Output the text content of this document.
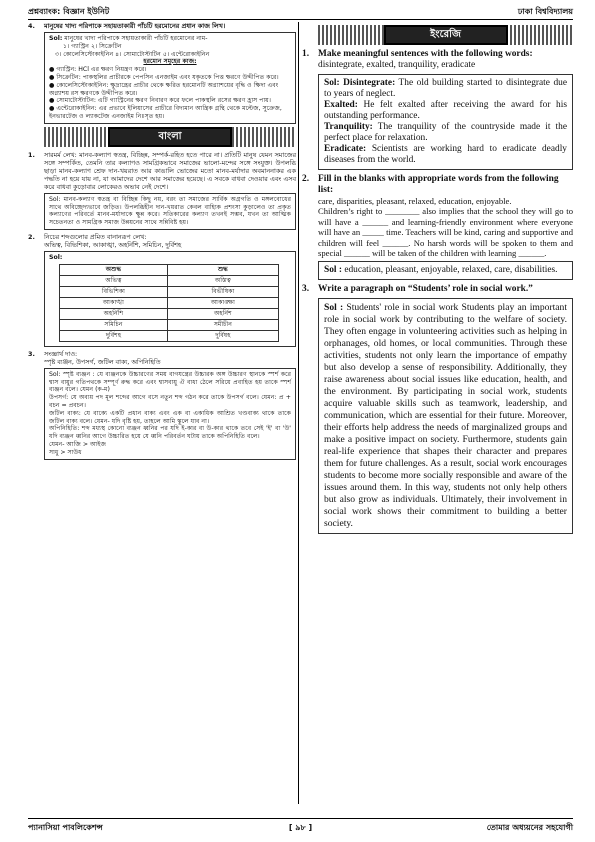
প্রশ্নব্যাংক: বিজ্ঞান ইউনিট	ঢাকা বিশ্ববিদ্যালয়
4. মানুষের খাদ্য পরিপাকে সহায়তাকারী পাঁচটি হরমোনের প্রধান কাজ লিখ।
Sol: মানুষের খাদ্য পরিপাকে সহায়তাকারী পাঁচটি হরমোনের নাম-
১। গ্যাস্ট্রিন ২। সিক্রেটিন
৩। কোলেসিস্টোকাইনিন ৪। সোমাটোস্টাটিন ৫। এন্টেরোকাইনিন
হরমোন সমূহের কাজ:
● গ্যাস্ট্রিন: HCl এর ক্ষরণ নিয়ন্ত্রণ করে।
● সিক্রেটিন: পাকস্থলির প্রাচীরকে পেপসিন এনজাইম এবং যকৃতকে পিত্ত ক্ষরণে উদ্দীপিত করে।
● কোলেসিস্টোকাইনিন: ক্ষুদ্রান্ত্রের প্রাচীর থেকে ক্ষরিত হরমোনটি অগ্ন্যাশয়ের বৃদ্ধি ও ক্ষিদা এবং অগ্ন্যাশয় রস ক্ষরণকে উদ্দীপিত করে।
● সোমাটোস্টাটিন: এটি গ্যাস্ট্রিনের ক্ষরণ নিবারণ করে ফলে পাকস্থলি রসের ক্ষরণ হ্রাস পায়।
● এন্টেরোকাইনিন: এর প্রভাবে ইলিয়াসের প্রাচীরে বিদ্যমান আন্ত্রিক গ্রন্থি থেকে মল্টেজ, সুক্রেজ, ইনভারটেজ ও ল্যাকটেজ এনজাইম নিঃসৃত হয়।
বাংলা
1.	সারমর্ম লেখ: মানব-কল্যাণ স্বতন্ত্র, বিচ্ছিন্ন, সম্পর্ক-রহিত হতে পারে না। প্রতিটি মানুষ যেমন সমাজের সঙ্গে সম্পর্কিত, তেমনি তার কল্যাণও সামগ্রিকভাবে সমাজের ভালো-মন্দের সঙ্গে সংযুক্ত। উপলব্ধি ছাড়া মানব-কল্যাণ শ্রেফ দান-খয়রাত আর কাঙালি ভোজের মতো মানব-মর্যাদার অবমাননাকর এক পদ্ধতি না হয়ে যায় না, যা আমাদের দেশে আর সমাজের হয়েছে। এ সবকে বাধবা দেওয়ার এবং এসব করে বাধবা কুড়োবার লোকেরও অভাব নেই দেশে।
Sol: মানব-কল্যাণ স্বতন্ত্র বা বিচ্ছিন্ন কিছু নয়, বরং তা সমাজের সার্বিক অগ্রগতি ও মঙ্গলবোধের সাথে অবিচ্ছেদ্যভাবে জড়িত। উপলব্ধিহীন দান-খয়রাত কেবল বাহ্যিক প্রশংসা কুড়ালেও তা প্রকৃত কল্যাণের পরিবর্তে মানব-মর্যাদাকে ক্ষুন্ন করে। সতিকারের কল্যাণ তখনই সম্ভব, যখন তা আত্মিক সচেতনতা ও সামগ্রিক সমাজ উন্নয়নের সাথে সন্নিবিষ্ট হয়।
2. নিচের শব্দগুলোর প্রমিত বানানরূপ লেখ:
অভিত্ব, বিভিশিকা, আকাঙ্খা, অহর্নিশি, সমিচিন, দুর্বিশহ
Sol:
অশুদ্ধ	শুদ্ধ
অভিত্ব	অস্তিত্ব
বিভিশিকা	বিভীষিকা
আকাঙ্খা	আকাঙ্ক্ষা
অহর্নিশি	অহর্নিশ
সমিচিন	সমীচীন
দুর্বিশহ	দুর্বিষহ
3. সংজ্ঞার্থ দাও:
স্পৃষ্ট ব্যঞ্জন, উপসর্গ, জটিল বাক্য, অপিনিহিতি
Sol: স্পৃষ্ট ব্যঞ্জন : যে ব্যঞ্জনকে উচ্চারণের সময় বাগযন্ত্রের উচ্চারক অঙ্গ উচ্চারণ স্থানকে স্পর্শ করে শ্বাস বায়ুর গতিপথকে সম্পূর্ণ রুদ্ধ করে এবং শ্বাসবায়ু ঐ বাধা ঠেলে সরিয়ে প্রবাহিত হয় তাকে স্পর্শ ব্যঞ্জন বলে। যেমন (ক-ম)
উপসর্গ: যে অব্যয় পদ মূল শব্দের আগে বসে নতুন শব্দ গঠন করে তাকে উপসর্গ বলে। যেমন: প্র + বচন = প্রবচন।
জটিল বাক্য: যে বাক্যে একটি প্রধান বাক্য এবং এক বা একাধিক আশ্রিত খণ্ডবাক্য থাকে তাকে জটিল বাক্য বলে। যেমন- যদি বৃষ্টি হয়, তাহলে আমি স্কুলে যাব না।
অপিনিহিতি: শব্দ মধ্যস্থ কোনো ব্যঞ্জন ধ্বনির পর যদি ই-কার বা উ-কার থাকে তবে সেই 'ই' বা 'উ' যদি ব্যঞ্জন ধ্বনির আগে উচ্চারিত হয়ে যে ধ্বনি পরিবর্তন ঘটায় তাকে অপিনিহিতি বলে।
যেমন- আজি > আইজ
সাধু > সাউধ
ইংরেজি
1. Make meaningful sentences with the following words:
disintegrate, exalted, tranquility, eradicate
Sol: Disintegrate: The old building started to disintegrate due to years of neglect.
Exalted: He felt exalted after receiving the award for his outstanding performance.
Tranquility: The tranquility of the countryside made it the perfect place for relaxation.
Eradicate: Scientists are working hard to eradicate deadly diseases from the world.
2. Fill in the blanks with appropriate words from the following list:
care, disparities, pleasant, relaxed, education, enjoyable.
Children’s right to ________ also implies that the school they will go to will have a ______ and learning-friendly environment where everyone will have an _____ time. Teachers will be kind, caring and supportive and children will feel ______. No harsh words will be spoken to them and special ______ will be taken of the children with learning ______.
Sol : education, pleasant, enjoyable, relaxed, care, disabilities.
3. Write a paragraph on “Students’ role in social work.”
Sol : Students' role in social work Students play an important role in social work by contributing to the welfare of society. They often engage in volunteering activities such as helping in orphanages, old homes, or local communities. Through these activities, students not only learn the importance of empathy but also develop a sense of responsibility. Additionally, they raise awareness about social issues like education, health, and the environment. By participating in social work, students acquire valuable skills such as teamwork, leadership, and communication, which are essential for their future. Moreover, their efforts help address the needs of marginalized groups and make a positive impact on society. Furthermore, students gain real-life experience that shapes their character and prepares them for future challenges. As a result, social work encourages students to become more socially responsible and aware of the issues around them. In this way, students not only help others but also grow as individuals. Ultimately, their involvement in social work shows their commitment to building a better society.
প্যানাসিয়া পাবলিকেশন্স	[ ৯৮ ]	তোমার অধ্যয়নের সহযোগী
